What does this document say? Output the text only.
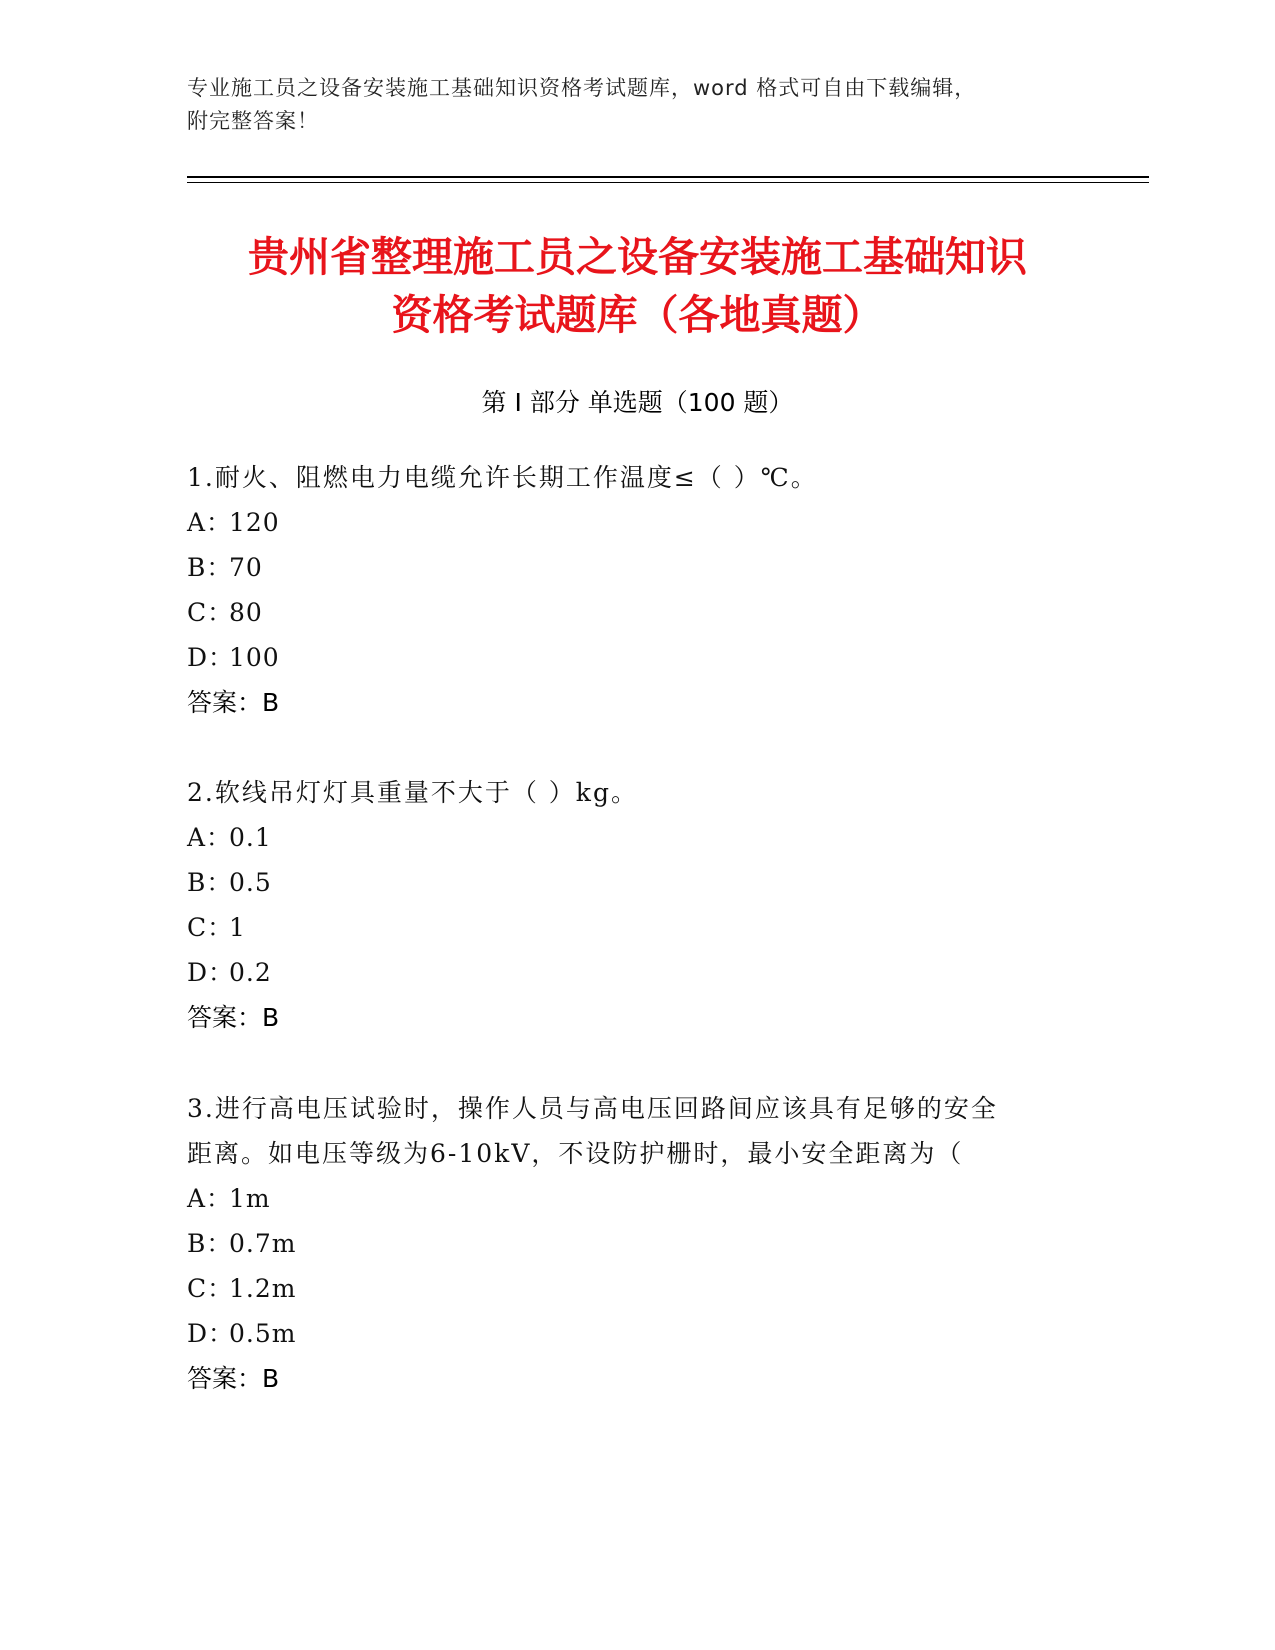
专业施工员之设备安装施工基础知识资格考试题库，word 格式可自由下载编辑，
附完整答案！
贵州省整理施工员之设备安装施工基础知识
资格考试题库（各地真题）
第 I 部分 单选题（100 题）
1.耐火、阻燃电力电缆允许长期工作温度≤（ ）℃。
A：
120
B：
70
C：
80
D：
100
答案：B
2.软线吊灯灯具重量不大于（ ）kg。
A：
0.1
B：
0.5
C：
1
D：
0.2
答案：B
3.进行高电压试验时，操作人员与高电压回路间应该具有足够的安全
距离。如电压等级为6-10kV，不设防护栅时，最小安全距离为（
A：
1m
B：
0.7m
C：
1.2m
D：
0.5m
答案：B
